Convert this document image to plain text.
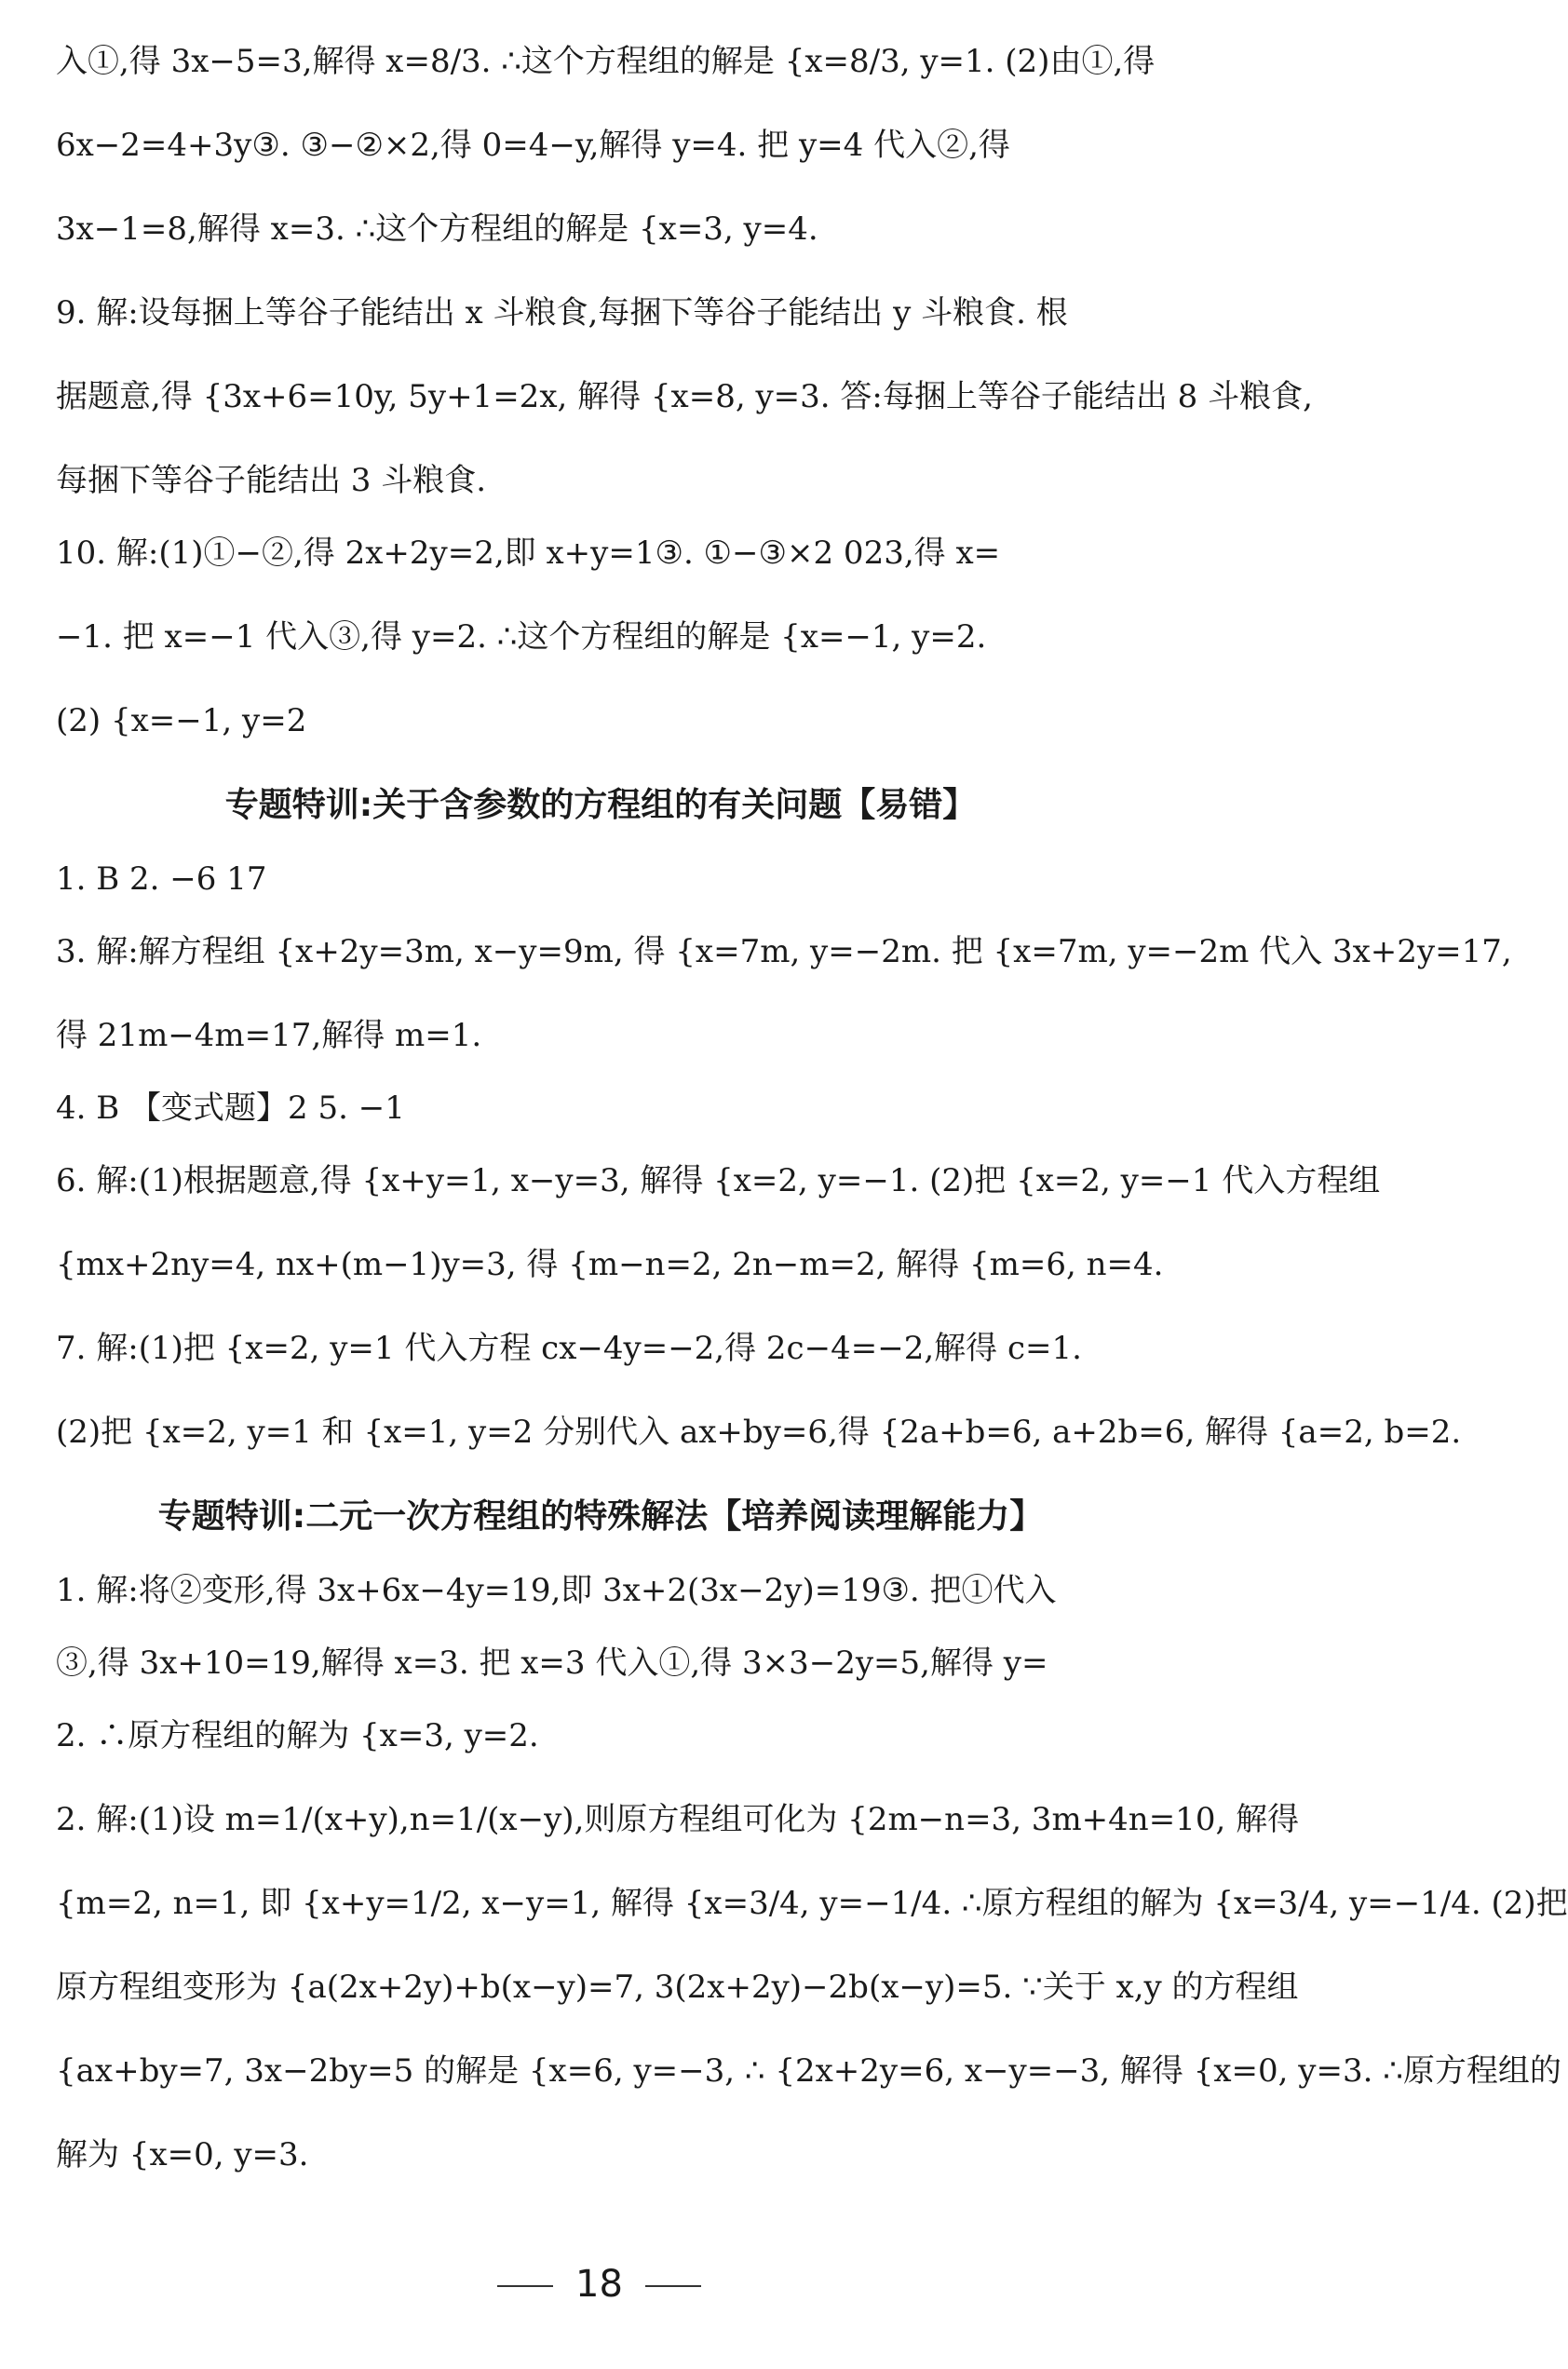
入①,得 3x−5=3,解得 x=8/3. ∴这个方程组的解是 {x=8/3, y=1. (2)由①,得
6x−2=4+3y③. ③−②×2,得 0=4−y,解得 y=4. 把 y=4 代入②,得
3x−1=8,解得 x=3. ∴这个方程组的解是 {x=3, y=4.
9. 解:设每捆上等谷子能结出 x 斗粮食,每捆下等谷子能结出 y 斗粮食. 根
据题意,得 {3x+6=10y, 5y+1=2x, 解得 {x=8, y=3. 答:每捆上等谷子能结出 8 斗粮食,
每捆下等谷子能结出 3 斗粮食.
10. 解:(1)①−②,得 2x+2y=2,即 x+y=1③. ①−③×2 023,得 x=
−1. 把 x=−1 代入③,得 y=2. ∴这个方程组的解是 {x=−1, y=2.
(2) {x=−1, y=2
专题特训:关于含参数的方程组的有关问题【易错】
1. B 2. −6 17
3. 解:解方程组 {x+2y=3m, x−y=9m, 得 {x=7m, y=−2m. 把 {x=7m, y=−2m 代入 3x+2y=17,
得 21m−4m=17,解得 m=1.
4. B 【变式题】2 5. −1
6. 解:(1)根据题意,得 {x+y=1, x−y=3, 解得 {x=2, y=−1. (2)把 {x=2, y=−1 代入方程组
{mx+2ny=4, nx+(m−1)y=3, 得 {m−n=2, 2n−m=2, 解得 {m=6, n=4.
7. 解:(1)把 {x=2, y=1 代入方程 cx−4y=−2,得 2c−4=−2,解得 c=1.
(2)把 {x=2, y=1 和 {x=1, y=2 分别代入 ax+by=6,得 {2a+b=6, a+2b=6, 解得 {a=2, b=2.
专题特训:二元一次方程组的特殊解法【培养阅读理解能力】
1. 解:将②变形,得 3x+6x−4y=19,即 3x+2(3x−2y)=19③. 把①代入
③,得 3x+10=19,解得 x=3. 把 x=3 代入①,得 3×3−2y=5,解得 y=
2. ∴原方程组的解为 {x=3, y=2.
2. 解:(1)设 m=1/(x+y),n=1/(x−y),则原方程组可化为 {2m−n=3, 3m+4n=10, 解得
{m=2, n=1, 即 {x+y=1/2, x−y=1, 解得 {x=3/4, y=−1/4. ∴原方程组的解为 {x=3/4, y=−1/4. (2)把
原方程组变形为 {a(2x+2y)+b(x−y)=7, 3(2x+2y)−2b(x−y)=5. ∵关于 x,y 的方程组
{ax+by=7, 3x−2by=5 的解是 {x=6, y=−3, ∴ {2x+2y=6, x−y=−3, 解得 {x=0, y=3. ∴原方程组的
解为 {x=0, y=3.
18
